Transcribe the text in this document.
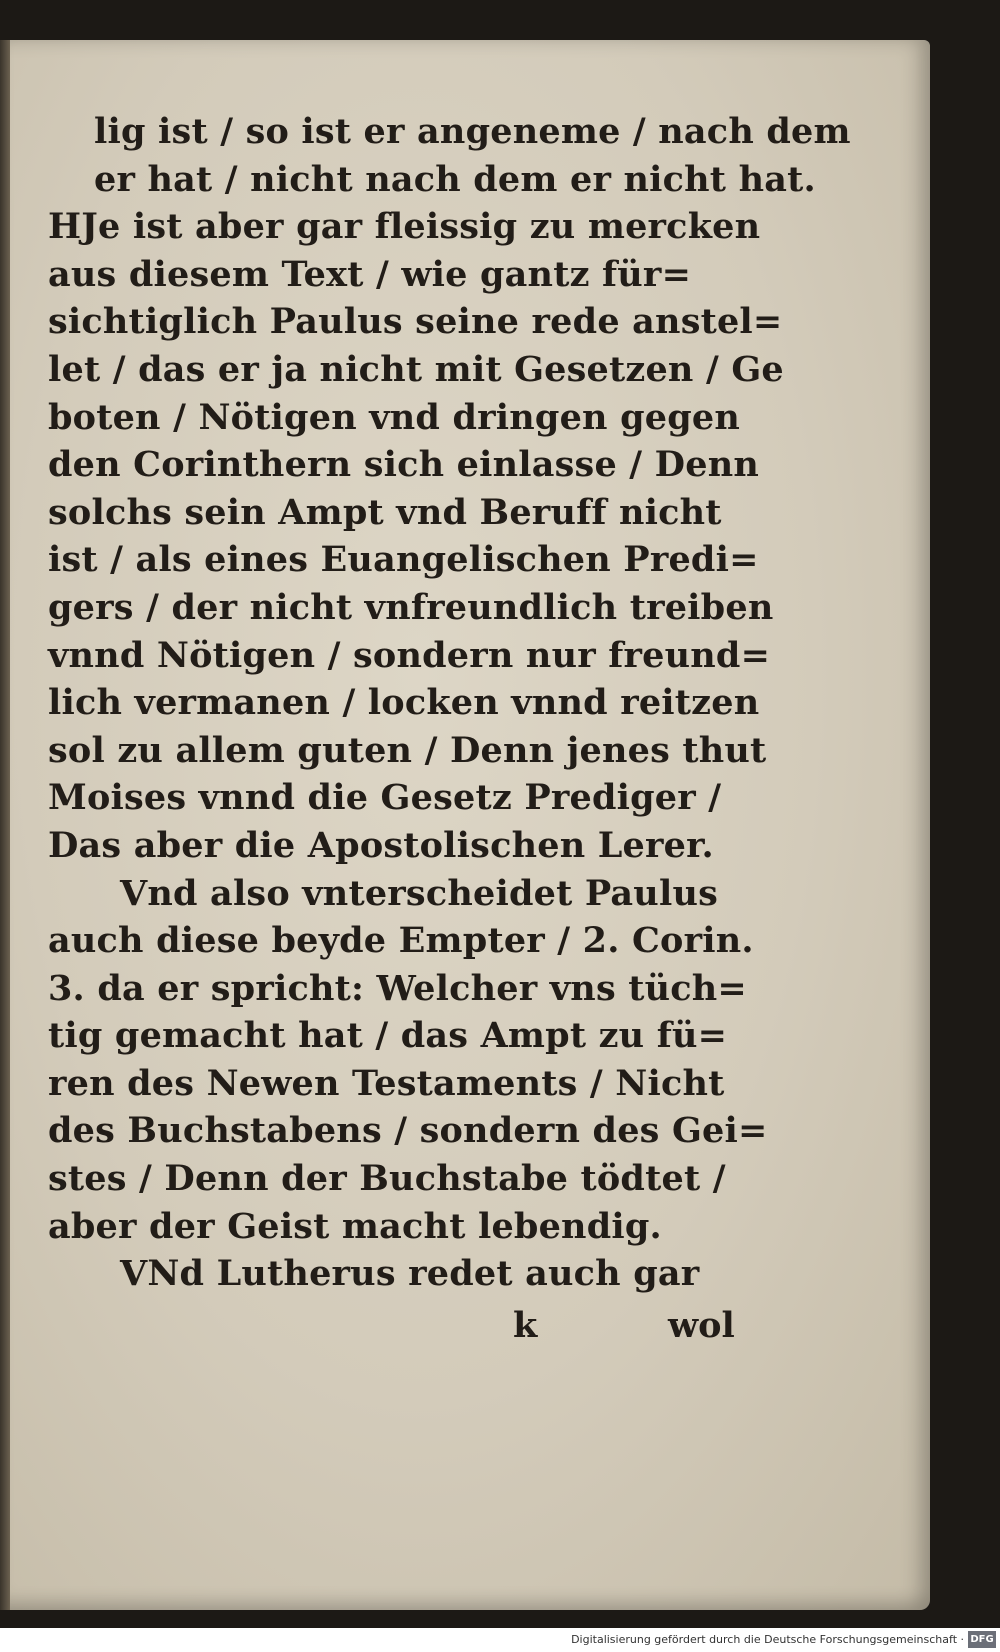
lig ist / so ist er angeneme / nach dem
er hat / nicht nach dem er nicht hat.
HJe ist aber gar fleissig zu mercken
aus diesem Text / wie gantz für=
sichtiglich Paulus seine rede anstel=
let / das er ja nicht mit Gesetzen / Ge
boten / Nötigen vnd dringen gegen
den Corinthern sich einlasse / Denn
solchs sein Ampt vnd Beruff nicht
ist / als eines Euangelischen Predi=
gers / der nicht vnfreundlich treiben
vnnd Nötigen / sondern nur freund=
lich vermanen / locken vnnd reitzen
sol zu allem guten / Denn jenes thut
Moises vnnd die Gesetz Prediger /
Das aber die Apostolischen Lerer.
Vnd also vnterscheidet Paulus
auch diese beyde Empter / 2. Corin.
3. da er spricht: Welcher vns tüch=
tig gemacht hat / das Ampt zu fü=
ren des Newen Testaments / Nicht
des Buchstabens / sondern des Gei=
stes / Denn der Buchstabe tödtet /
aber der Geist macht lebendig.
VNd Lutherus redet auch gar
k	wol
Digitalisierung gefördert durch die Deutsche Forschungsgemeinschaft · DFG
